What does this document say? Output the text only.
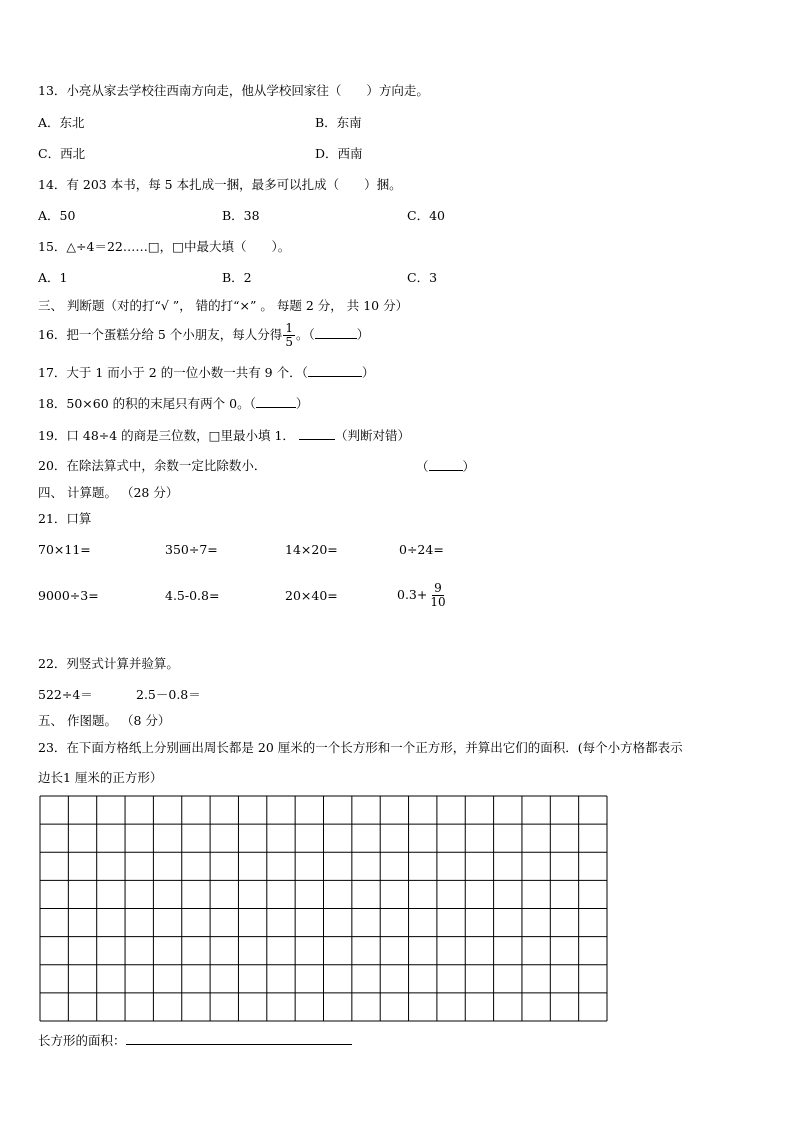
13．小亮从家去学校往西南方向走，他从学校回家往（　　）方向走。
A．东北	B．东南
C．西北	D．西南
14．有 203 本书，每 5 本扎成一捆，最多可以扎成（　　）捆。
A．50	B．38	C．40
15．△÷4＝22……□，□中最大填（　　）。
A．1	B．2	C．3
三、 判断题（对的打“√ ”， 错的打“×” 。 每题 2 分， 共 10 分）
16．把一个蛋糕分给 5 个小朋友，每人分得 $\frac{1}{5}$ 。（	）
17．大于 1 而小于 2 的一位小数一共有 9 个．（	）
18．50×60 的积的末尾只有两个 0。（	）
19．口 48÷4 的商是三位数，□里最小填 1．	（判断对错）
20．在除法算式中，余数一定比除数小．	（	）
四、 计算题。 （28 分）
21．口算
70×11=	350÷7=	14×20=	0÷24=
9000÷3=	4.5-0.8=	20×40=	$0.3+ \frac{9}{10}$
22．列竖式计算并验算。
522÷4＝	2.5－0.8＝
五、 作图题。 （8 分）
23．在下面方格纸上分别画出周长都是 20 厘米的一个长方形和一个正方形，并算出它们的面积．(每个小方格都表示
边长1 厘米的正方形）
长方形的面积：
